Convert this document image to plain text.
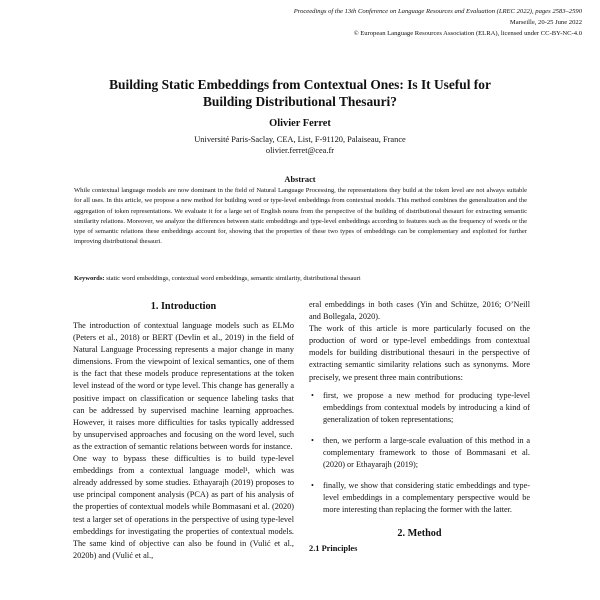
Proceedings of the 13th Conference on Language Resources and Evaluation (LREC 2022), pages 2583–2590
Marseille, 20-25 June 2022
© European Language Resources Association (ELRA), licensed under CC-BY-NC-4.0
Building Static Embeddings from Contextual Ones: Is It Useful for
Building Distributional Thesauri?
Olivier Ferret
Université Paris-Saclay, CEA, List, F-91120, Palaiseau, France
olivier.ferret@cea.fr
Abstract
While contextual language models are now dominant in the field of Natural Language Processing, the representations they build at the token level are not always suitable for all uses. In this article, we propose a new method for building word or type-level embeddings from contextual models. This method combines the generalization and the aggregation of token representations. We evaluate it for a large set of English nouns from the perspective of the building of distributional thesauri for extracting semantic similarity relations. Moreover, we analyze the differences between static embeddings and type-level embeddings according to features such as the frequency of words or the type of semantic relations these embeddings account for, showing that the properties of these two types of embeddings can be complementary and exploited for further improving distributional thesauri.
Keywords: static word embeddings, contextual word embeddings, semantic similarity, distributional thesauri
1. Introduction

The introduction of contextual language models such as ELMo (Peters et al., 2018) or BERT (Devlin et al., 2019) in the field of Natural Language Processing represents a major change in many dimensions. From the viewpoint of lexical semantics, one of them is the fact that these models produce representations at the token level instead of the word or type level. This change has generally a positive impact on classification or sequence labeling tasks that can be addressed by supervised machine learning approaches. However, it raises more difficulties for tasks typically addressed by unsupervised approaches and focusing on the word level, such as the extraction of semantic relations between words for instance.

One way to bypass these difficulties is to build type-level embeddings from a contextual language model¹, which was already addressed by some studies. Ethayarajh (2019) proposes to use principal component analysis (PCA) as part of his analysis of the properties of contextual models while Bommasani et al. (2020) test a larger set of operations in the perspective of using type-level embeddings for investigating the properties of contextual models. The same kind of objective can also be found in (Vulić et al., 2020b) and (Vulić et al.,

eral embeddings in both cases (Yin and Schütze, 2016; O’Neill and Bollegala, 2020).

The work of this article is more particularly focused on the production of word or type-level embeddings from contextual models for building distributional thesauri in the perspective of extracting semantic similarity relations such as synonyms. More precisely, we present three main contributions:

• first, we propose a new method for producing type-level embeddings from contextual models by introducing a kind of generalization of token representations;
• then, we perform a large-scale evaluation of this method in a complementary framework to those of Bommasani et al. (2020) or Ethayarajh (2019);
• finally, we show that considering static embeddings and type-level embeddings in a complementary perspective would be more interesting than replacing the former with the latter.
2. Method
2.1 Principles
